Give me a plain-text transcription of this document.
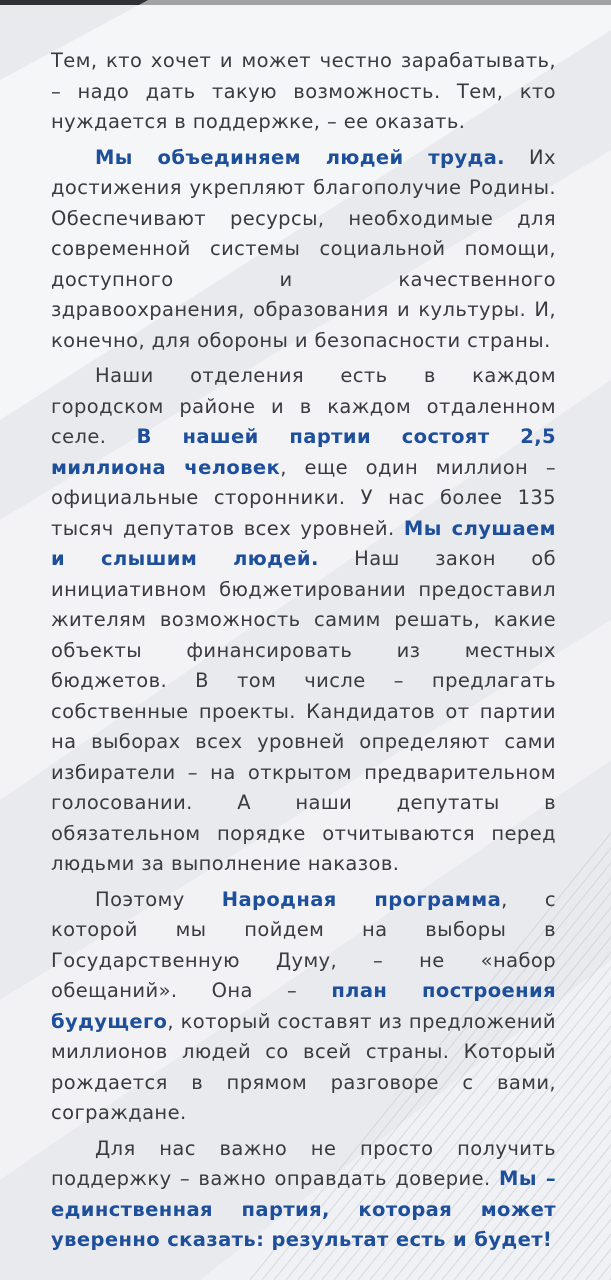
Тем, кто хочет и может честно зарабатывать, – надо дать такую возможность. Тем, кто нуждается в поддержке, – ее оказать.

Мы объединяем людей труда. Их достижения укрепляют благополучие Родины. Обеспечивают ресурсы, необходимые для современной системы социальной помощи, доступного и качественного здравоохранения, образования и культуры. И, конечно, для обороны и безопасности страны.

Наши отделения есть в каждом городском районе и в каждом отдаленном селе. В нашей партии состоят 2,5 миллиона человек, еще один миллион – официальные сторонники. У нас более 135 тысяч депутатов всех уровней. Мы слушаем и слышим людей. Наш закон об инициативном бюджетировании предоставил жителям возможность самим решать, какие объекты финансировать из местных бюджетов. В том числе – предлагать собственные проекты. Кандидатов от партии на выборах всех уровней определяют сами избиратели – на открытом предварительном голосовании. А наши депутаты в обязательном порядке отчитываются перед людьми за выполнение наказов.

Поэтому Народная программа, с которой мы пойдем на выборы в Государственную Думу, – не «набор обещаний». Она – план построения будущего, который составят из предложений миллионов людей со всей страны. Который рождается в прямом разговоре с вами, сограждане.

Для нас важно не просто получить поддержку – важно оправдать доверие. Мы – единственная партия, которая может уверенно сказать: результат есть и будет!
